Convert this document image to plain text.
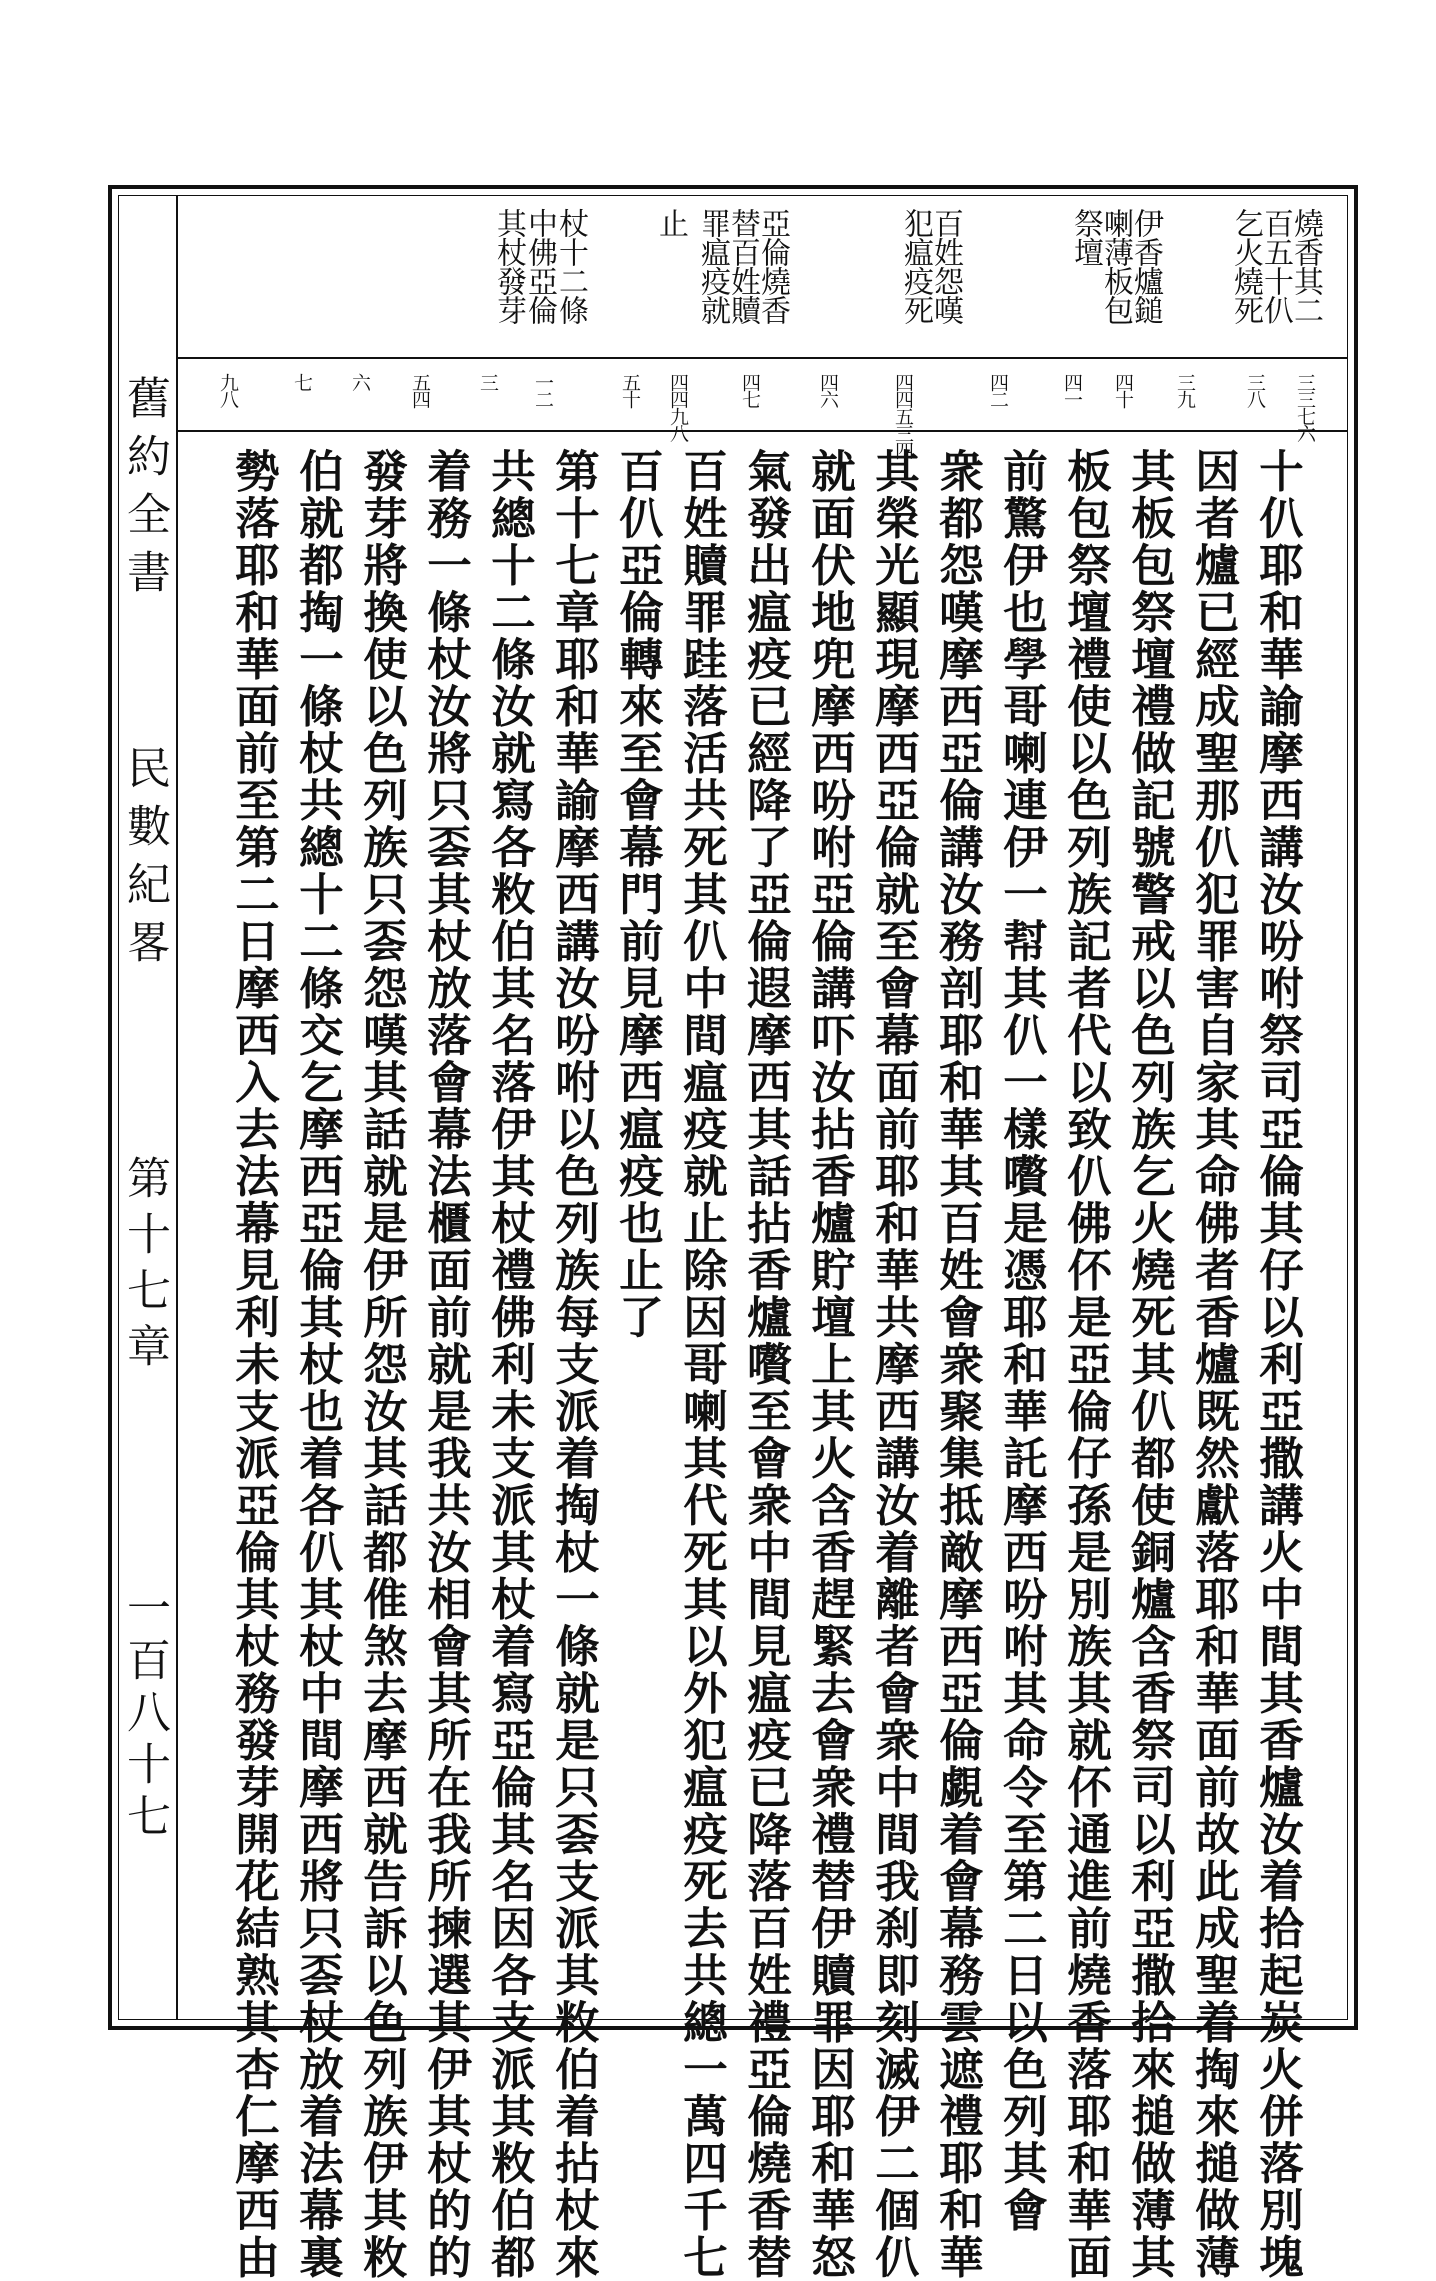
舊約全書
民數紀畧
第十七章
一百八十七
燒香其二
百五十仈
乞火燒死
伊香爐鎚
喇薄板包
祭壇
百姓怨嘆
犯瘟疫死
亞倫燒香
替百姓贖
罪瘟疫就
止
杖十二條
中佛亞倫
其杖發芽
三三七六
三八
三九
四十
四一
四二
四四五三四
四六
四七
四四九八
五十
一二
三
五四
六
七
九八
十仈耶和華諭摩西講汝吩咐祭司亞倫其仔以利亞撒講火中間其香爐汝着拾起炭火併落別塊
因者爐已經成聖那仈犯罪害自家其命佛者香爐既然獻落耶和華面前故此成聖着掏來搥做薄
其板包祭壇禮做記號警戒以色列族乞火燒死其仈都使銅爐含香祭司以利亞撒拾來搥做薄其
板包祭壇禮使以色列族記者代以致仈佛伓是亞倫仔孫是別族其就伓通進前燒香落耶和華面
前驚伊也學哥喇連伊一幇其仈一樣嚽是憑耶和華託摩西吩咐其命令至第二日以色列其會
衆都怨嘆摩西亞倫講汝務剖耶和華其百姓會衆聚集抵敵摩西亞倫覷着會幕務雲遮禮耶和華
其榮光顯現摩西亞倫就至會幕面前耶和華共摩西講汝着離者會衆中間我刹即刻滅伊二個仈
就面伏地兜摩西吩咐亞倫講吓汝拈香爐貯壇上其火含香趕緊去會衆禮替伊贖罪因耶和華怒
氣發出瘟疫已經降了亞倫遐摩西其話拈香爐嚽至會衆中間見瘟疫已降落百姓禮亞倫燒香替
百姓贖罪跬落活共死其仈中間瘟疫就止除因哥喇其代死其以外犯瘟疫死去共總一萬四千七
百仈亞倫轉來至會幕門前見摩西瘟疫也止了
第十七章耶和華諭摩西講汝吩咐以色列族每支派着掏杖一條就是只𠀾支派其敉伯着拈杖來
共總十二條汝就寫各敉伯其名落伊其杖禮佛利未支派其杖着寫亞倫其名因各支派其敉伯都
着務一條杖汝將只𠀾其杖放落會幕法櫃面前就是我共汝相會其所在我所揀選其伊其杖的的
發芽將換使以色列族只𠀾怨嘆其話就是伊所怨汝其話都倠煞去摩西就告訴以色列族伊其敉
伯就都掏一條杖共總十二條交乞摩西亞倫其杖也着各仈其杖中間摩西將只𠀾杖放着法幕裏
勢落耶和華面前至第二日摩西入去法幕見利未支派亞倫其杖務發芽開花結熟其杏仁摩西由
